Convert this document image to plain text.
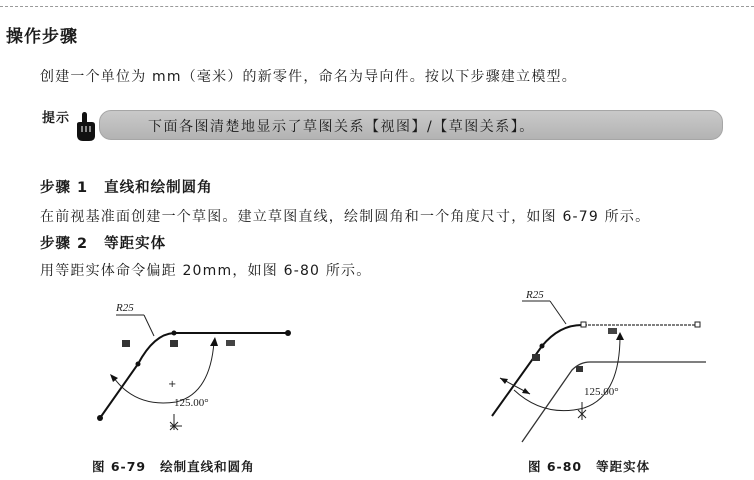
操作步骤
创建一个单位为 mm（毫米）的新零件，命名为导向件。按以下步骤建立模型。
提示
下面各图清楚地显示了草图关系【视图】/【草图关系】。
步骤 1 直线和绘制圆角
在前视基准面创建一个草图。建立草图直线，绘制圆角和一个角度尺寸，如图 6-79 所示。
步骤 2 等距实体
用等距实体命令偏距 20mm，如图 6-80 所示。
R25
125.00°
+
图 6-79 绘制直线和圆角
R25
125.00°
图 6-80 等距实体
